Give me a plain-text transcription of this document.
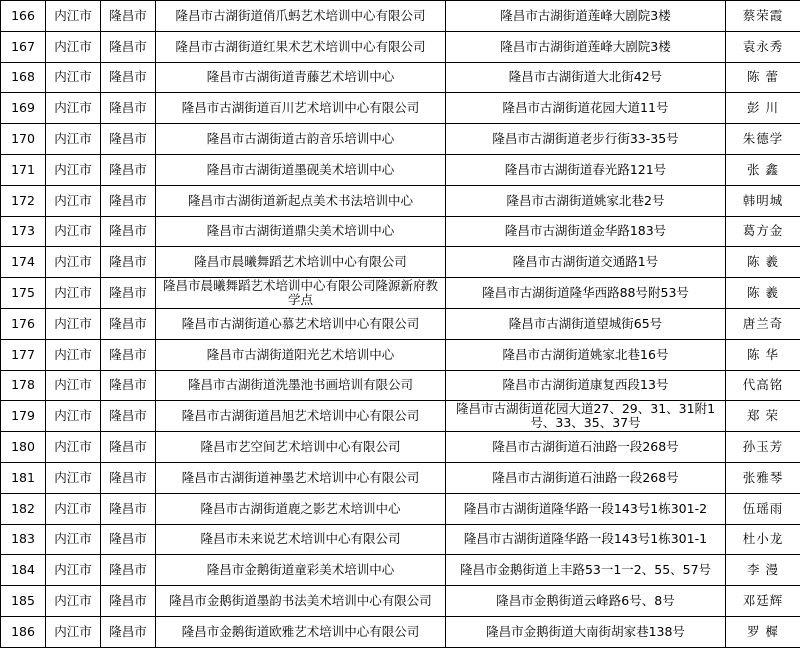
166	内江市	隆昌市	隆昌市古湖街道俏爪蚂艺术培训中心有限公司	隆昌市古湖街道莲峰大剧院3楼	蔡荣霞
167	内江市	隆昌市	隆昌市古湖街道红果术艺术培训中心有限公司	隆昌市古湖街道莲峰大剧院3楼	袁永秀
168	内江市	隆昌市	隆昌市古湖街道青藤艺术培训中心	隆昌市古湖街道大北街42号	陈 蕾
169	内江市	隆昌市	隆昌市古湖街道百川艺术培训中心有限公司	隆昌市古湖街道花园大道11号	彭 川
170	内江市	隆昌市	隆昌市古湖街道古韵音乐培训中心	隆昌市古湖街道老步行街33-35号	朱德学
171	内江市	隆昌市	隆昌市古湖街道墨砚美术培训中心	隆昌市古湖街道春光路121号	张 鑫
172	内江市	隆昌市	隆昌市古湖街道新起点美术书法培训中心	隆昌市古湖街道姚家北巷2号	韩明城
173	内江市	隆昌市	隆昌市古湖街道鼎尖美术培训中心	隆昌市古湖街道金华路183号	葛方金
174	内江市	隆昌市	隆昌市晨曦舞蹈艺术培训中心有限公司	隆昌市古湖街道交通路1号	陈 羲
175	内江市	隆昌市	隆昌市晨曦舞蹈艺术培训中心有限公司隆源新府教学点	隆昌市古湖街道隆华西路88号附53号	陈 羲
176	内江市	隆昌市	隆昌市古湖街道心慕艺术培训中心有限公司	隆昌市古湖街道望城街65号	唐兰奇
177	内江市	隆昌市	隆昌市古湖街道阳光艺术培训中心	隆昌市古湖街道姚家北巷16号	陈 华
178	内江市	隆昌市	隆昌市古湖街道洗墨池书画培训有限公司	隆昌市古湖街道康复西段13号	代高铭
179	内江市	隆昌市	隆昌市古湖街道昌旭艺术培训中心有限公司	隆昌市古湖街道花园大道27、29、31、31附1号、33、35、37号	郑 荣
180	内江市	隆昌市	隆昌市艺空间艺术培训中心有限公司	隆昌市古湖街道石油路一段268号	孙玉芳
181	内江市	隆昌市	隆昌市古湖街道神墨艺术培训中心有限公司	隆昌市古湖街道石油路一段268号	张雅琴
182	内江市	隆昌市	隆昌市古湖街道鹿之影艺术培训中心	隆昌市古湖街道隆华路一段143号1栋301-2	伍瑶雨
183	内江市	隆昌市	隆昌市未来说艺术培训中心有限公司	隆昌市古湖街道隆华路一段143号1栋301-1	杜小龙
184	内江市	隆昌市	隆昌市金鹅街道童彩美术培训中心	隆昌市金鹅街道上丰路53一1一2、55、57号	李 漫
185	内江市	隆昌市	隆昌市金鹅街道墨韵书法美术培训中心有限公司	隆昌市金鹅街道云峰路6号、8号	邓廷辉
186	内江市	隆昌市	隆昌市金鹅街道欧雅艺术培训中心有限公司	隆昌市金鹅街道大南街胡家巷138号	罗 樨
